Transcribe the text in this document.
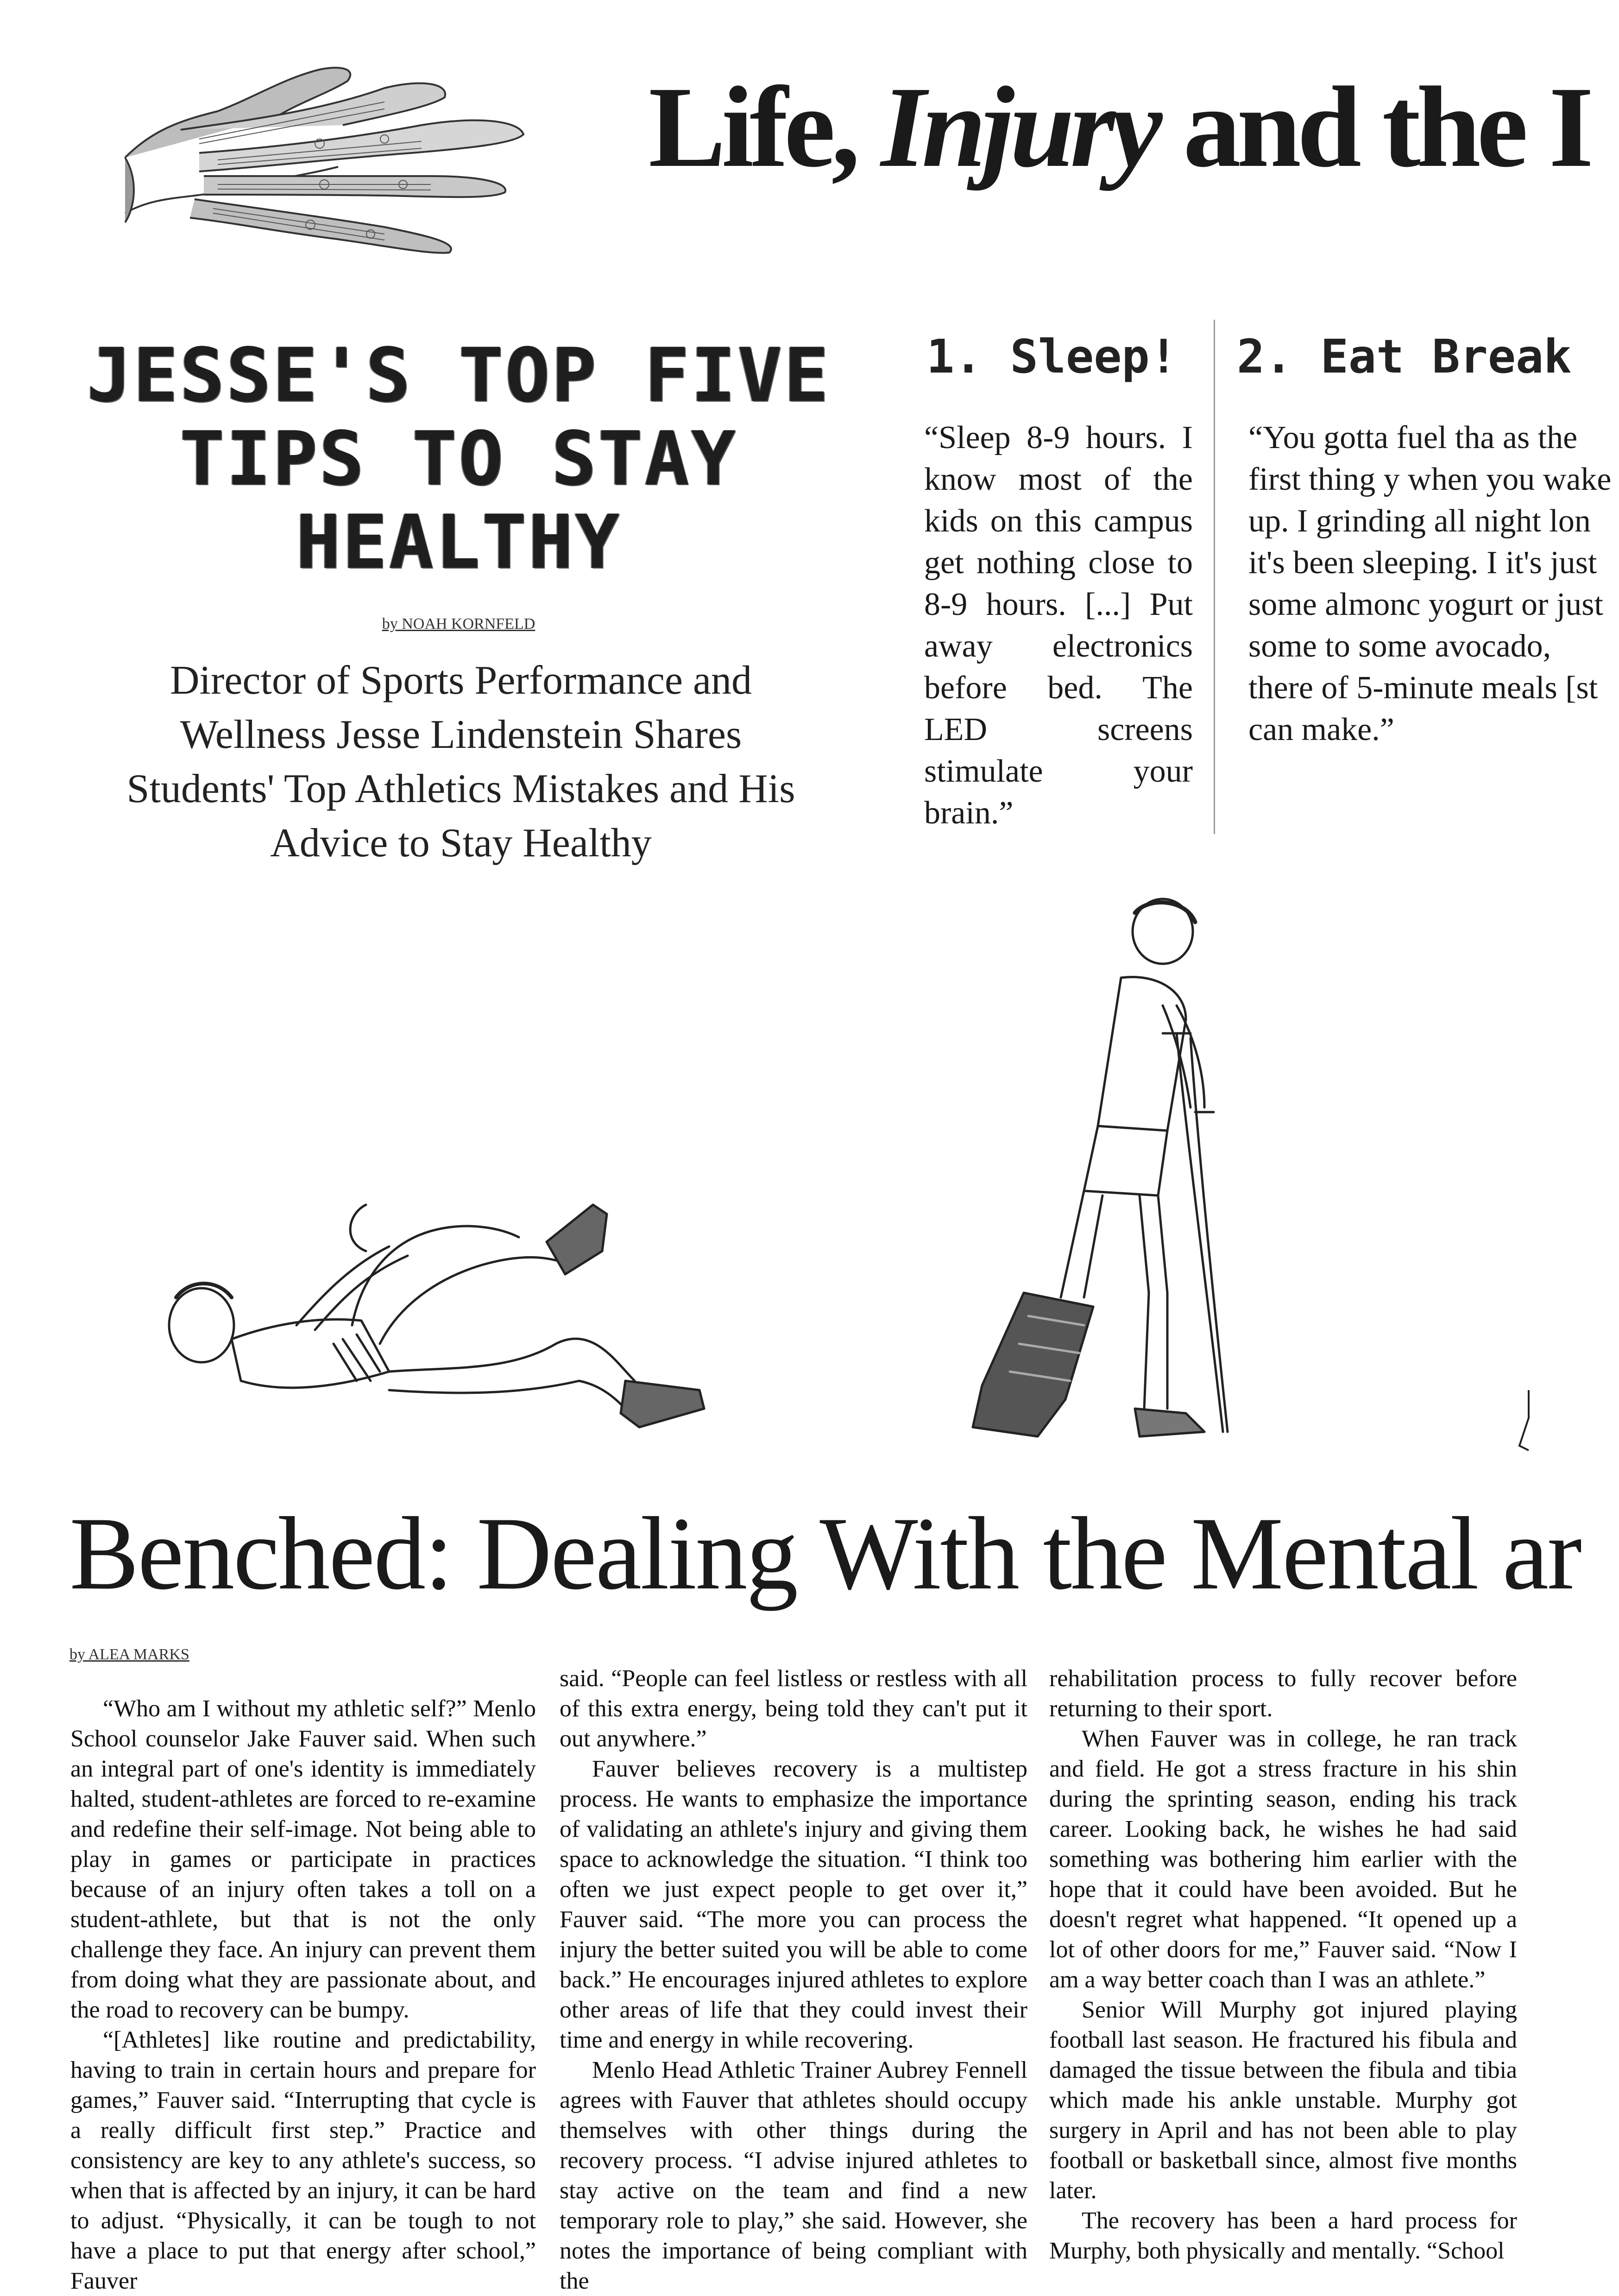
Life, Injury and the I
JESSE'S TOP FIVE TIPS TO STAY HEALTHY
by NOAH KORNFELD
Director of Sports Performance and Wellness Jesse Lindenstein Shares Students' Top Athletics Mistakes and His Advice to Stay Healthy
1. Sleep!

“Sleep 8-9 hours. I know most of the kids on this campus get nothing close to 8-9 hours. [...] Put away electronics before bed. The LED screens stimulate your brain.”

2. Eat Break

“You gotta fuel tha as the first thing y when you wake up. I grinding all night lon it's been sleeping. I it's just some almonc yogurt or just some to some avocado, there of 5-minute meals [st can make.”

Benched: Dealing With the Mental ar
by ALEA MARKS

“Who am I without my athletic self?” Menlo School counselor Jake Fauver said. When such an integral part of one's identity is immediately halted, student-athletes are forced to re-examine and redefine their self-image. Not being able to play in games or participate in practices because of an injury often takes a toll on a student-athlete, but that is not the only challenge they face. An injury can prevent them from doing what they are passionate about, and the road to recovery can be bumpy.

“[Athletes] like routine and predictability, having to train in certain hours and prepare for games,” Fauver said. “Interrupting that cycle is a really difficult first step.” Practice and consistency are key to any athlete's success, so when that is affected by an injury, it can be hard to adjust. “Physically, it can be tough to not have a place to put that energy after school,” Fauver

said. “People can feel listless or restless with all of this extra energy, being told they can't put it out anywhere.”

Fauver believes recovery is a multistep process. He wants to emphasize the importance of validating an athlete's injury and giving them space to acknowledge the situation. “I think too often we just expect people to get over it,” Fauver said. “The more you can process the injury the better suited you will be able to come back.” He encourages injured athletes to explore other areas of life that they could invest their time and energy in while recovering.

Menlo Head Athletic Trainer Aubrey Fennell agrees with Fauver that athletes should occupy themselves with other things during the recovery process. “I advise injured athletes to stay active on the team and find a new temporary role to play,” she said. However, she notes the importance of being compliant with the

rehabilitation process to fully recover before returning to their sport.

When Fauver was in college, he ran track and field. He got a stress fracture in his shin during the sprinting season, ending his track career. Looking back, he wishes he had said something was bothering him earlier with the hope that it could have been avoided. But he doesn't regret what happened. “It opened up a lot of other doors for me,” Fauver said. “Now I am a way better coach than I was an athlete.”

Senior Will Murphy got injured playing football last season. He fractured his fibula and damaged the tissue between the fibula and tibia which made his ankle unstable. Murphy got surgery in April and has not been able to play football or basketball since, almost five months later.

The recovery has been a hard process for Murphy, both physically and mentally. “School
